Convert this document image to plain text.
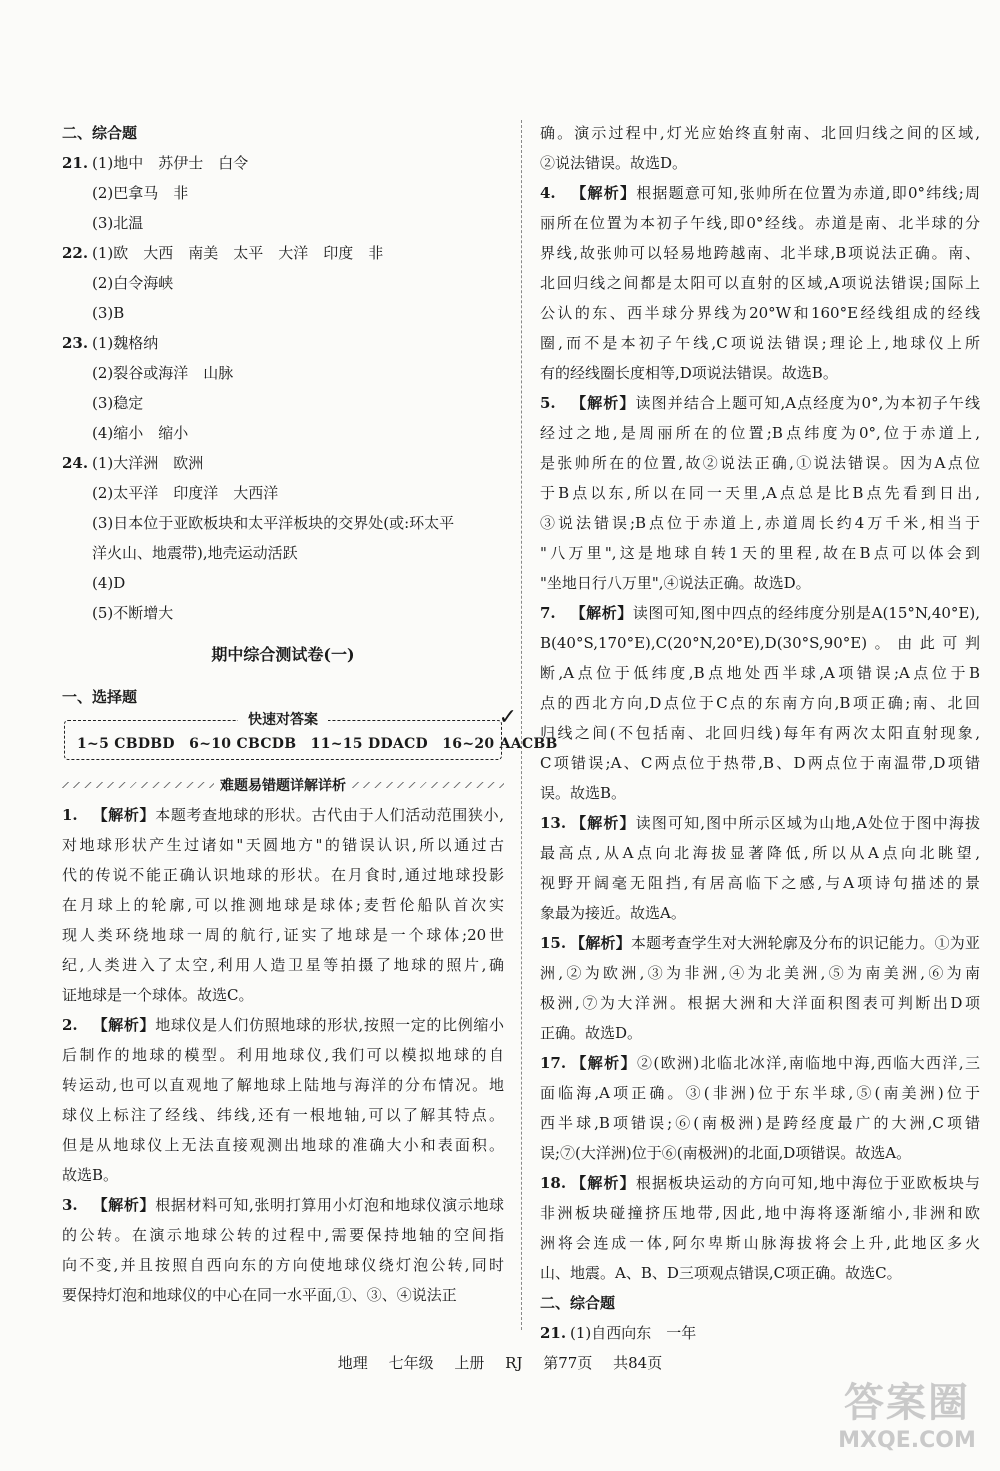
二、综合题
21. (1)地中　苏伊士　白令
(2)巴拿马　非
(3)北温
22. (1)欧　大西　南美　太平　大洋　印度　非
(2)白令海峡
(3)B
23. (1)魏格纳
(2)裂谷或海洋　山脉
(3)稳定
(4)缩小　缩小
24. (1)大洋洲　欧洲
(2)太平洋　印度洋　大西洋
(3)日本位于亚欧板块和太平洋板块的交界处(或:环太平
洋火山、地震带),地壳运动活跃
(4)D
(5)不断增大
期中综合测试卷(一)
一、选择题
快速对答案
1~5 CBDBD　6~10 CBCDB　11~15 DDACD　16~20 AACBB
✓
难题易错题详解详析
1. 【解析】本题考查地球的形状。古代由于人们活动范围狭小,
对地球形状产生过诸如"天圆地方"的错误认识,所以通过古
代的传说不能正确认识地球的形状。在月食时,通过地球投影
在月球上的轮廓,可以推测地球是球体;麦哲伦船队首次实
现人类环绕地球一周的航行,证实了地球是一个球体;20世
纪,人类进入了太空,利用人造卫星等拍摄了地球的照片,确
证地球是一个球体。故选C。
2. 【解析】地球仪是人们仿照地球的形状,按照一定的比例缩小
后制作的地球的模型。利用地球仪,我们可以模拟地球的自
转运动,也可以直观地了解地球上陆地与海洋的分布情况。地
球仪上标注了经线、纬线,还有一根地轴,可以了解其特点。
但是从地球仪上无法直接观测出地球的准确大小和表面积。
故选B。
3. 【解析】根据材料可知,张明打算用小灯泡和地球仪演示地球
的公转。在演示地球公转的过程中,需要保持地轴的空间指
向不变,并且按照自西向东的方向使地球仪绕灯泡公转,同时
要保持灯泡和地球仪的中心在同一水平面,①、③、④说法正
确。演示过程中,灯光应始终直射南、北回归线之间的区域,
②说法错误。故选D。
4. 【解析】根据题意可知,张帅所在位置为赤道,即0°纬线;周
丽所在位置为本初子午线,即0°经线。赤道是南、北半球的分
界线,故张帅可以轻易地跨越南、北半球,B项说法正确。南、
北回归线之间都是太阳可以直射的区域,A项说法错误;国际上
公认的东、西半球分界线为20°W和160°E经线组成的经线
圈,而不是本初子午线,C项说法错误;理论上,地球仪上所
有的经线圈长度相等,D项说法错误。故选B。
5. 【解析】读图并结合上题可知,A点经度为0°,为本初子午线
经过之地,是周丽所在的位置;B点纬度为0°,位于赤道上,
是张帅所在的位置,故②说法正确,①说法错误。因为A点位
于B点以东,所以在同一天里,A点总是比B点先看到日出,
③说法错误;B点位于赤道上,赤道周长约4万千米,相当于
"八万里",这是地球自转1天的里程,故在B点可以体会到
"坐地日行八万里",④说法正确。故选D。
7. 【解析】读图可知,图中四点的经纬度分别是A(15°N,40°E),
B(40°S,170°E),C(20°N,20°E),D(30°S,90°E)。由此可判
断,A点位于低纬度,B点地处西半球,A项错误;A点位于B
点的西北方向,D点位于C点的东南方向,B项正确;南、北回
归线之间(不包括南、北回归线)每年有两次太阳直射现象,
C项错误;A、C两点位于热带,B、D两点位于南温带,D项错
误。故选B。
13. 【解析】读图可知,图中所示区域为山地,A处位于图中海拔
最高点,从A点向北海拔显著降低,所以从A点向北眺望,
视野开阔毫无阻挡,有居高临下之感,与A项诗句描述的景
象最为接近。故选A。
15. 【解析】本题考查学生对大洲轮廓及分布的识记能力。①为亚
洲,②为欧洲,③为非洲,④为北美洲,⑤为南美洲,⑥为南
极洲,⑦为大洋洲。根据大洲和大洋面积图表可判断出D项
正确。故选D。
17. 【解析】②(欧洲)北临北冰洋,南临地中海,西临大西洋,三
面临海,A项正确。③(非洲)位于东半球,⑤(南美洲)位于
西半球,B项错误;⑥(南极洲)是跨经度最广的大洲,C项错
误;⑦(大洋洲)位于⑥(南极洲)的北面,D项错误。故选A。
18. 【解析】根据板块运动的方向可知,地中海位于亚欧板块与
非洲板块碰撞挤压地带,因此,地中海将逐渐缩小,非洲和欧
洲将会连成一体,阿尔卑斯山脉海拔将会上升,此地区多火
山、地震。A、B、D三项观点错误,C项正确。故选C。
二、综合题
21. (1)自西向东　一年
地理 七年级 上册 RJ 第77页 共84页
答案圈
MXQE.COM
